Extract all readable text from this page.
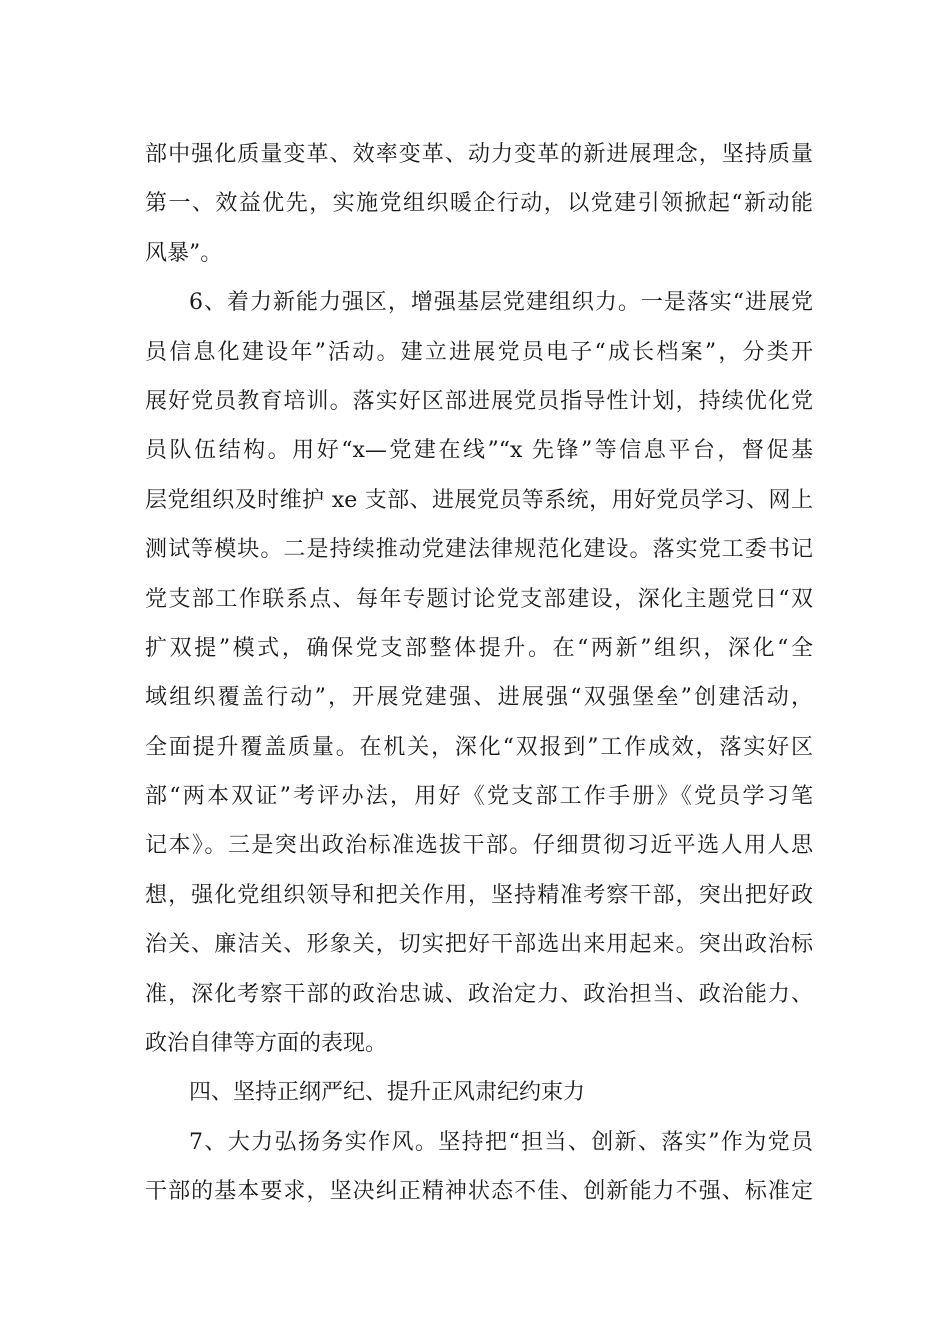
部中强化质量变革、效率变革、动力变革的新进展理念，坚持质量
第一、效益优先，实施党组织暖企行动，以党建引领掀起“新动能
风暴”。
6、着力新能力强区，增强基层党建组织力。一是落实“进展党
员信息化建设年”活动。建立进展党员电子“成长档案”，分类开
展好党员教育培训。落实好区部进展党员指导性计划，持续优化党
员队伍结构。用好“x—党建在线”“x 先锋”等信息平台，督促基
层党组织及时维护 xe 支部、进展党员等系统，用好党员学习、网上
测试等模块。二是持续推动党建法律规范化建设。落实党工委书记
党支部工作联系点、每年专题讨论党支部建设，深化主题党日“双
扩双提”模式，确保党支部整体提升。在“两新”组织，深化“全
域组织覆盖行动”，开展党建强、进展强“双强堡垒”创建活动，
全面提升覆盖质量。在机关，深化“双报到”工作成效，落实好区
部“两本双证”考评办法，用好《党支部工作手册》《党员学习笔
记本》。三是突出政治标准选拔干部。仔细贯彻习近平选人用人思
想，强化党组织领导和把关作用，坚持精准考察干部，突出把好政
治关、廉洁关、形象关，切实把好干部选出来用起来。突出政治标
准，深化考察干部的政治忠诚、政治定力、政治担当、政治能力、
政治自律等方面的表现。
四、坚持正纲严纪、提升正风肃纪约束力
7、大力弘扬务实作风。坚持把“担当、创新、落实”作为党员
干部的基本要求，坚决纠正精神状态不佳、创新能力不强、标准定
